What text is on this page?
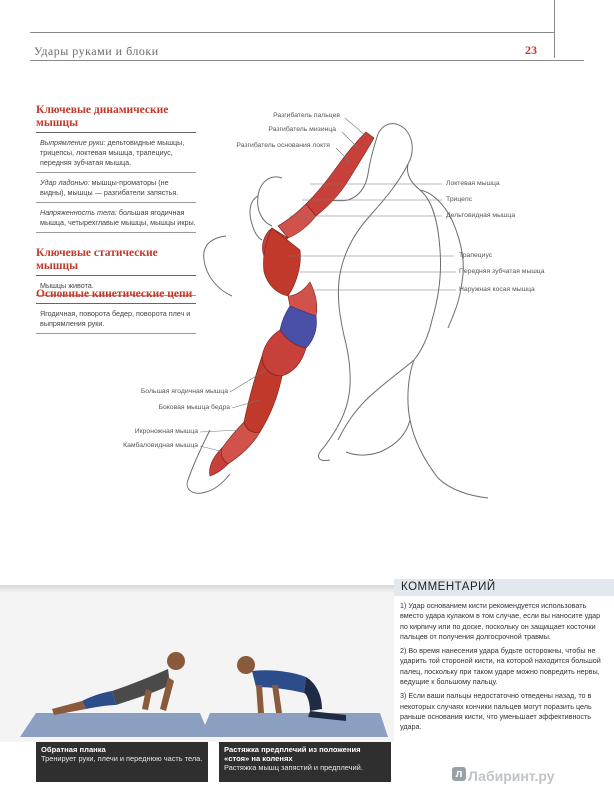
Удары руками и блоки	23
Ключевые динамические мышцы
Выпрямление руки: дельтовидные мышцы, трицепсы, локтевая мышца, трапециус, передняя зубчатая мышца.
Удар ладонью: мышцы-проматоры (не видны), мышцы — разгибатели запястья.
Напряженность тела: большая ягодичная мышца, четырехглавые мышцы, мышцы икры.
Ключевые статические мышцы
Мышцы живота.
Основные кинетические цепи
Ягодичная, поворота бедер, поворота плеч и выпрямления руки.
Разгибатель пальцев
Разгибатель мизинца
Разгибатель основания локтя
Локтевая мышца
Трицепс
Дельтовидная мышца
Трапециус
Передняя зубчатая мышца
Наружная косая мышца
Большая ягодичная мышца
Боковая мышца бедра
Икроножная мышца
Камбаловидная мышца
Обратная планка
Тренирует руки, плечи и переднюю часть тела.
Растяжка предплечий из положения «стоя» на коленях
Растяжка мышц запястий и предплечий.
КОММЕНТАРИЙ

1) Удар основанием кисти рекомендуется использовать вместо удара кулаком в том случае, если вы наносите удар по кирпичу или по доске, поскольку он защищает косточки пальцев от получения долгосрочной травмы.

2) Во время нанесения удара будьте осторожны, чтобы не ударить той стороной кисти, на которой находится большой палец, поскольку при таком ударе можно повредить нервы, ведущие к большому пальцу.

3) Если ваши пальцы недостаточно отведены назад, то в некоторых случаях кончики пальцев могут поразить цель раньше основания кисти, что уменьшает эффективность удара.

л Лабиринт.ру
